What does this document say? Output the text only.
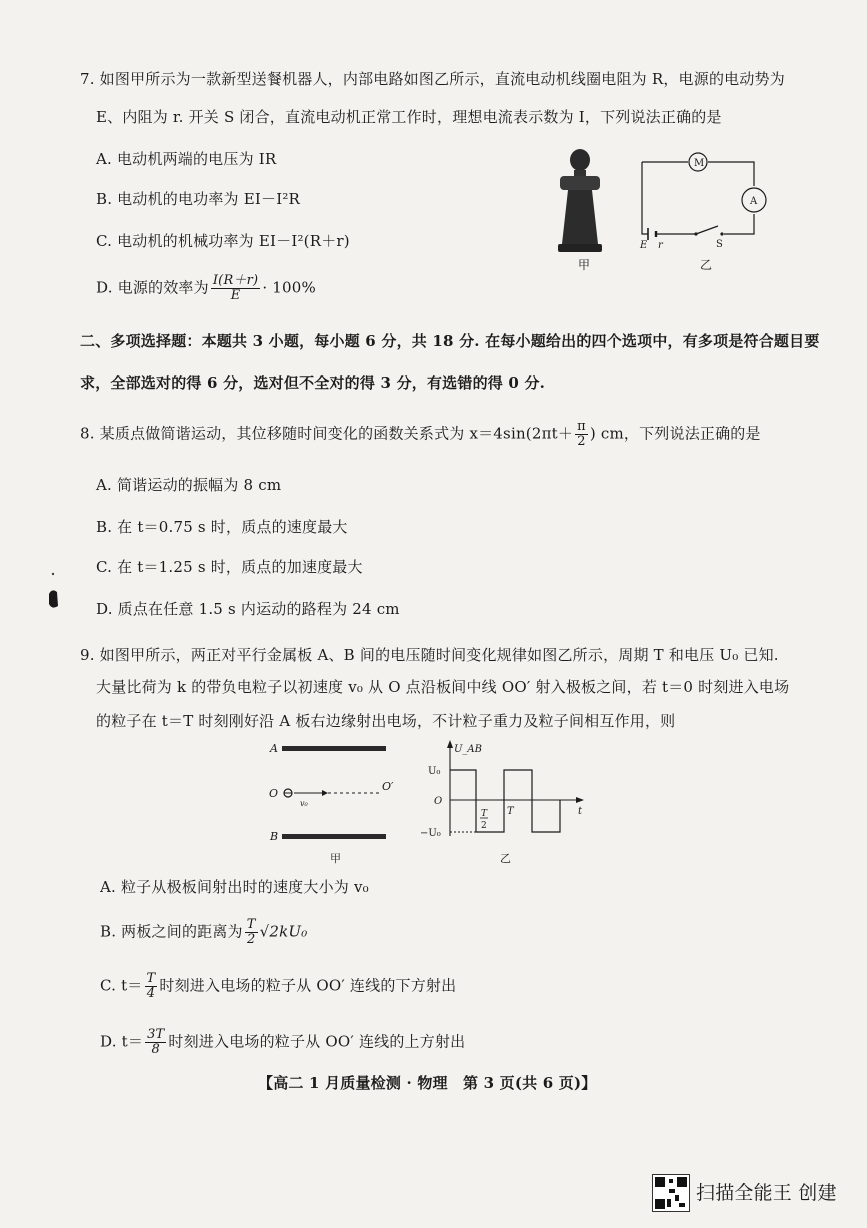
7. 如图甲所示为一款新型送餐机器人，内部电路如图乙所示，直流电动机线圈电阻为 R，电源的电动势为
E、内阻为 r. 开关 S 闭合，直流电动机正常工作时，理想电流表示数为 I，下列说法正确的是
A. 电动机两端的电压为 IR
B. 电动机的电功率为 EI－I²R
C. 电动机的机械功率为 EI－I²(R＋r)
D. 电源的效率为 $\frac{I(R+r)}{E} \cdot 100\%$
甲
M
A
E r	S
乙
二、多项选择题：本题共 3 小题，每小题 6 分，共 18 分. 在每小题给出的四个选项中，有多项是符合题目要
求，全部选对的得 6 分，选对但不全对的得 3 分，有选错的得 0 分.
8. 某质点做简谐运动，其位移随时间变化的函数关系式为 $x=4\sin(2\pi t+ \frac{\pi}{2}$ ) cm，下列说法正确的是
A. 简谐运动的振幅为 8 cm
B. 在 t＝0.75 s 时，质点的速度最大
C. 在 t＝1.25 s 时，质点的加速度最大
D. 质点在任意 1.5 s 内运动的路程为 24 cm
9. 如图甲所示，两正对平行金属板 A、B 间的电压随时间变化规律如图乙所示，周期 T 和电压 U₀ 已知.
大量比荷为 k 的带负电粒子以初速度 v₀ 从 O 点沿板间中线 OO′ 射入极板之间，若 t＝0 时刻进入电场
的粒子在 t＝T 时刻刚好沿 A 板右边缘射出电场，不计粒子重力及粒子间相互作用，则
A
B
O
O′
v₀
甲
U_AB
t
O
U₀
−U₀
T
2
T
乙
A. 粒子从极板间射出时的速度大小为 v₀
B. 两板之间的距离为 $\frac{T}{2} √2kU_0$
C. $t= \frac{T}{4}$ 时刻进入电场的粒子从 OO′ 连线的下方射出
D. $t= \frac{3T}{8}$ 时刻进入电场的粒子从 OO′ 连线的上方射出
【高二 1 月质量检测 · 物理　第 3 页(共 6 页)】
扫描全能王 创建
